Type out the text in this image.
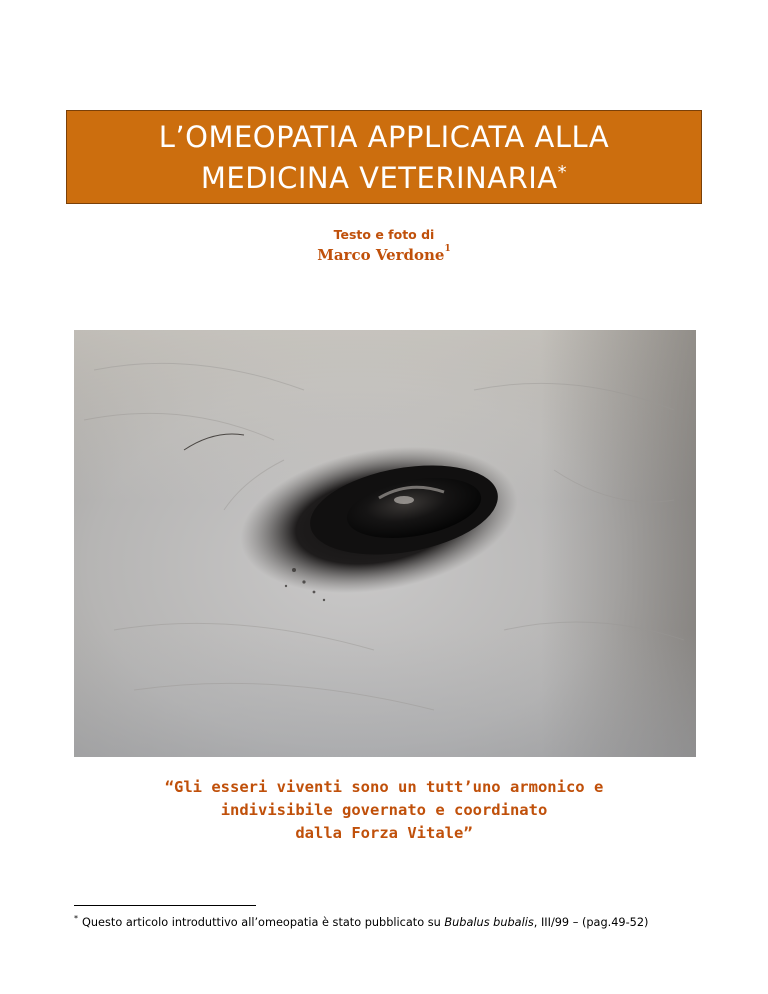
L’OMEOPATIA APPLICATA ALLA
MEDICINA VETERINARIA*
Testo e foto di
Marco Verdone$^1$
“Gli esseri viventi sono un tutt’uno armonico e
indivisibile governato e coordinato
dalla Forza Vitale”
* Questo articolo introduttivo all’omeopatia è stato pubblicato su Bubalus bubalis, III/99 – (pag.49-52)
